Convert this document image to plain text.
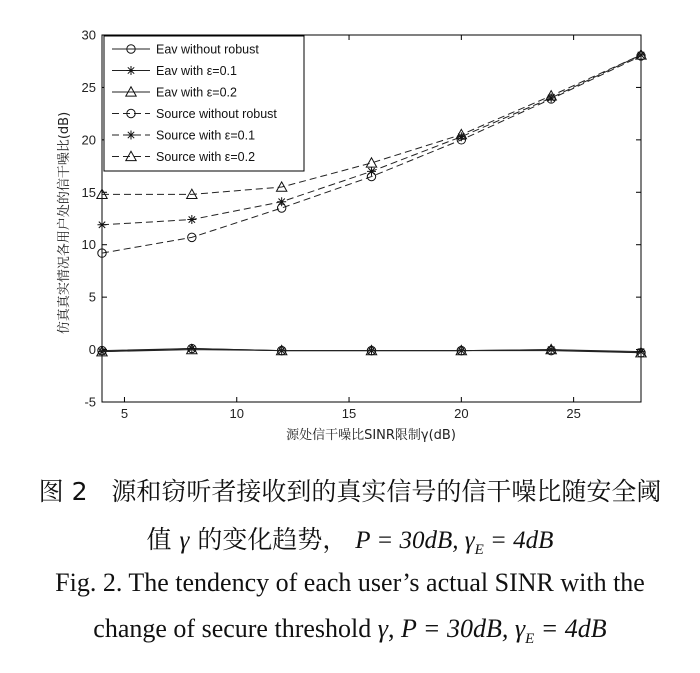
5	10	15	20	25
-5
0
5
10
15
20
25
30
Eav without robust
Eav with ε=0.1
Eav with ε=0.2
Source without robust
Source with ε=0.1
Source with ε=0.2
源处信干噪比SINR限制γ(dB)
仿真真实情况各用户处的信干噪比(dB)
图 2 源和窃听者接收到的真实信号的信干噪比随安全阈
值 γ 的变化趋势， P = 30dB, $\gamma_E = 4dB$
Fig. 2. The tendency of each user’s actual SINR with the
change of secure threshold γ, P = 30dB, $\gamma_E = 4dB$
